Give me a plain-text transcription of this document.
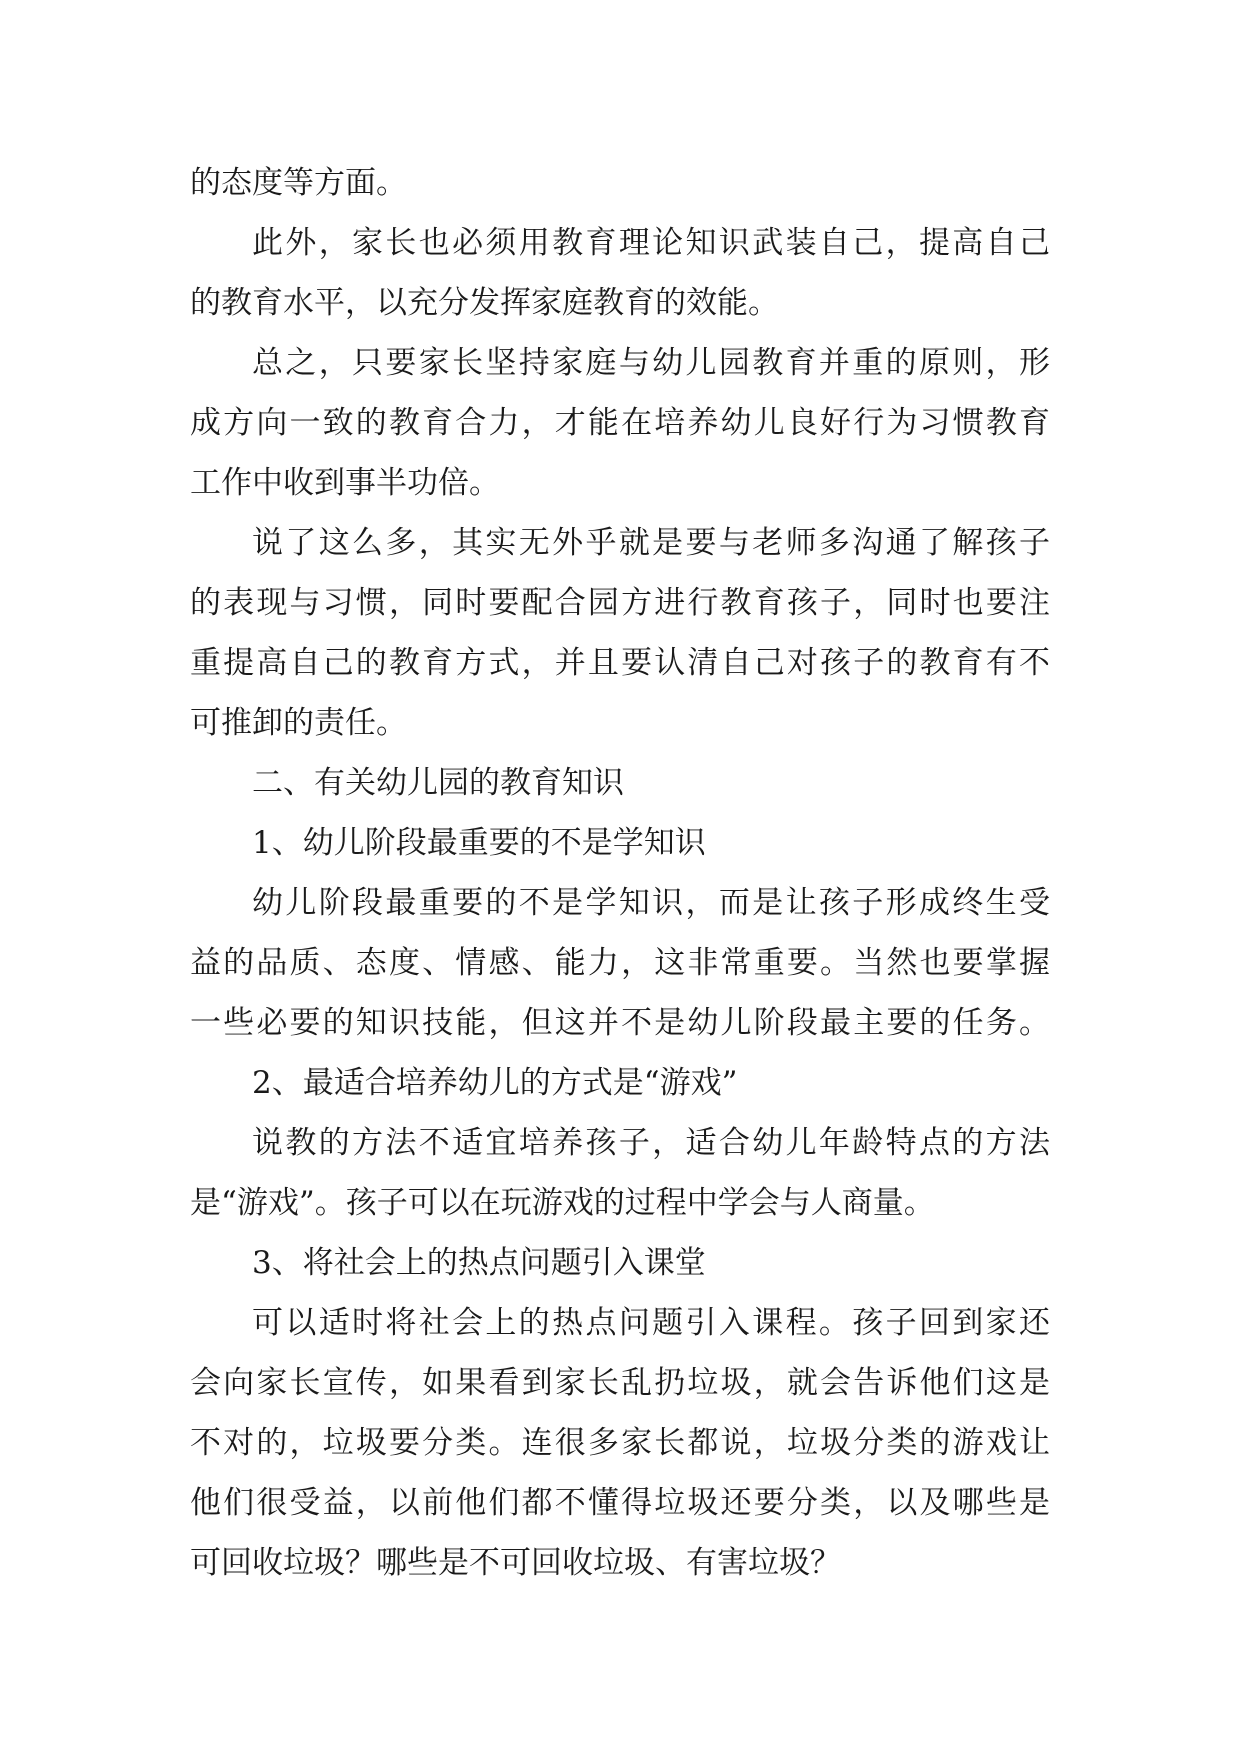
的态度等方面。
此外，家长也必须用教育理论知识武装自己，提高自己
的教育水平，以充分发挥家庭教育的效能。
总之，只要家长坚持家庭与幼儿园教育并重的原则，形
成方向一致的教育合力，才能在培养幼儿良好行为习惯教育
工作中收到事半功倍。
说了这么多，其实无外乎就是要与老师多沟通了解孩子
的表现与习惯，同时要配合园方进行教育孩子，同时也要注
重提高自己的教育方式，并且要认清自己对孩子的教育有不
可推卸的责任。
二、有关幼儿园的教育知识
1、幼儿阶段最重要的不是学知识
幼儿阶段最重要的不是学知识，而是让孩子形成终生受
益的品质、态度、情感、能力，这非常重要。当然也要掌握
一些必要的知识技能，但这并不是幼儿阶段最主要的任务。
2、最适合培养幼儿的方式是“游戏”
说教的方法不适宜培养孩子，适合幼儿年龄特点的方法
是“游戏”。孩子可以在玩游戏的过程中学会与人商量。
3、将社会上的热点问题引入课堂
可以适时将社会上的热点问题引入课程。孩子回到家还
会向家长宣传，如果看到家长乱扔垃圾，就会告诉他们这是
不对的，垃圾要分类。连很多家长都说，垃圾分类的游戏让
他们很受益，以前他们都不懂得垃圾还要分类，以及哪些是
可回收垃圾？哪些是不可回收垃圾、有害垃圾？
